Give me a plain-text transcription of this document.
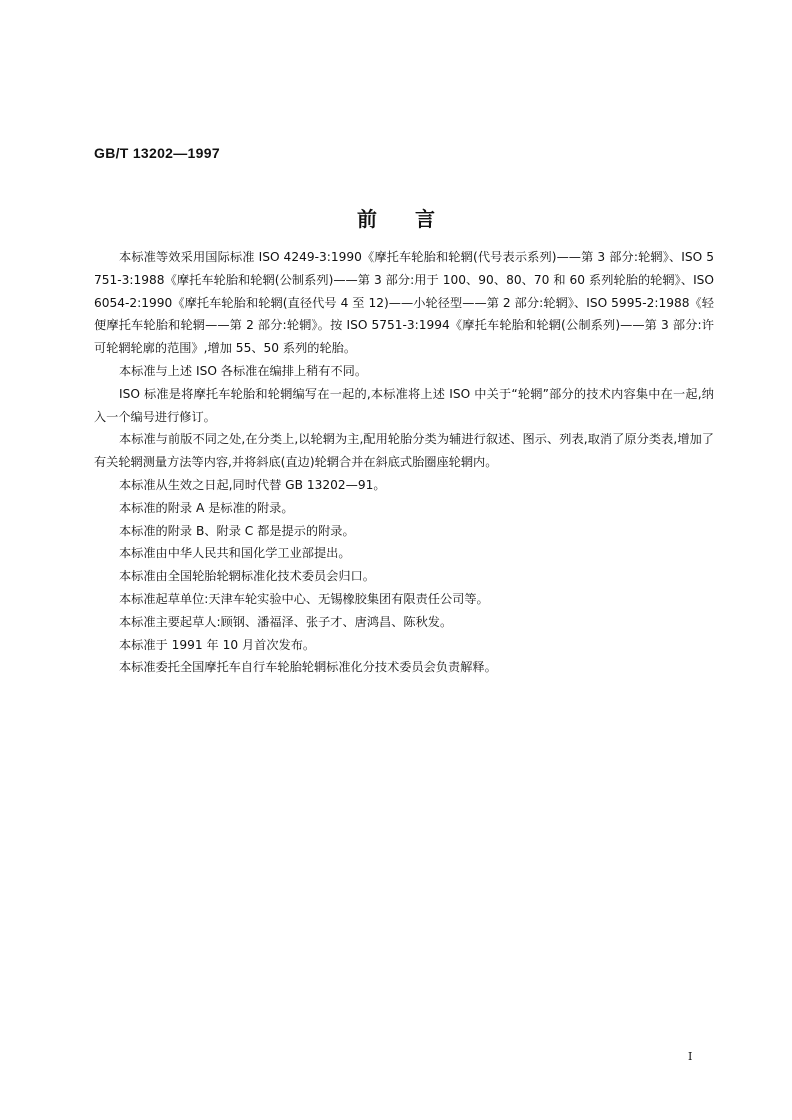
GB/T 13202—1997

前言

本标准等效采用国际标准 ISO 4249-3:1990《摩托车轮胎和轮辋(代号表示系列)——第 3 部分:轮辋》、ISO 5751-3:1988《摩托车轮胎和轮辋(公制系列)——第 3 部分:用于 100、90、80、70 和 60 系列轮胎的轮辋》、ISO 6054-2:1990《摩托车轮胎和轮辋(直径代号 4 至 12)——小轮径型——第 2 部分:轮辋》、ISO 5995-2:1988《轻便摩托车轮胎和轮辋——第 2 部分:轮辋》。按 ISO 5751-3:1994《摩托车轮胎和轮辋(公制系列)——第 3 部分:许可轮辋轮廓的范围》,增加 55、50 系列的轮胎。

本标准与上述 ISO 各标准在编排上稍有不同。

ISO 标准是将摩托车轮胎和轮辋编写在一起的,本标准将上述 ISO 中关于“轮辋”部分的技术内容集中在一起,纳入一个编号进行修订。

本标准与前版不同之处,在分类上,以轮辋为主,配用轮胎分类为辅进行叙述、图示、列表,取消了原分类表,增加了有关轮辋测量方法等内容,并将斜底(直边)轮辋合并在斜底式胎圈座轮辋内。

本标准从生效之日起,同时代替 GB 13202—91。

本标准的附录 A 是标准的附录。

本标准的附录 B、附录 C 都是提示的附录。

本标准由中华人民共和国化学工业部提出。

本标准由全国轮胎轮辋标准化技术委员会归口。

本标准起草单位:天津车轮实验中心、无锡橡胶集团有限责任公司等。

本标准主要起草人:顾钢、潘福泽、张子才、唐鸿昌、陈秋发。

本标准于 1991 年 10 月首次发布。

本标准委托全国摩托车自行车轮胎轮辋标准化分技术委员会负责解释。

I
